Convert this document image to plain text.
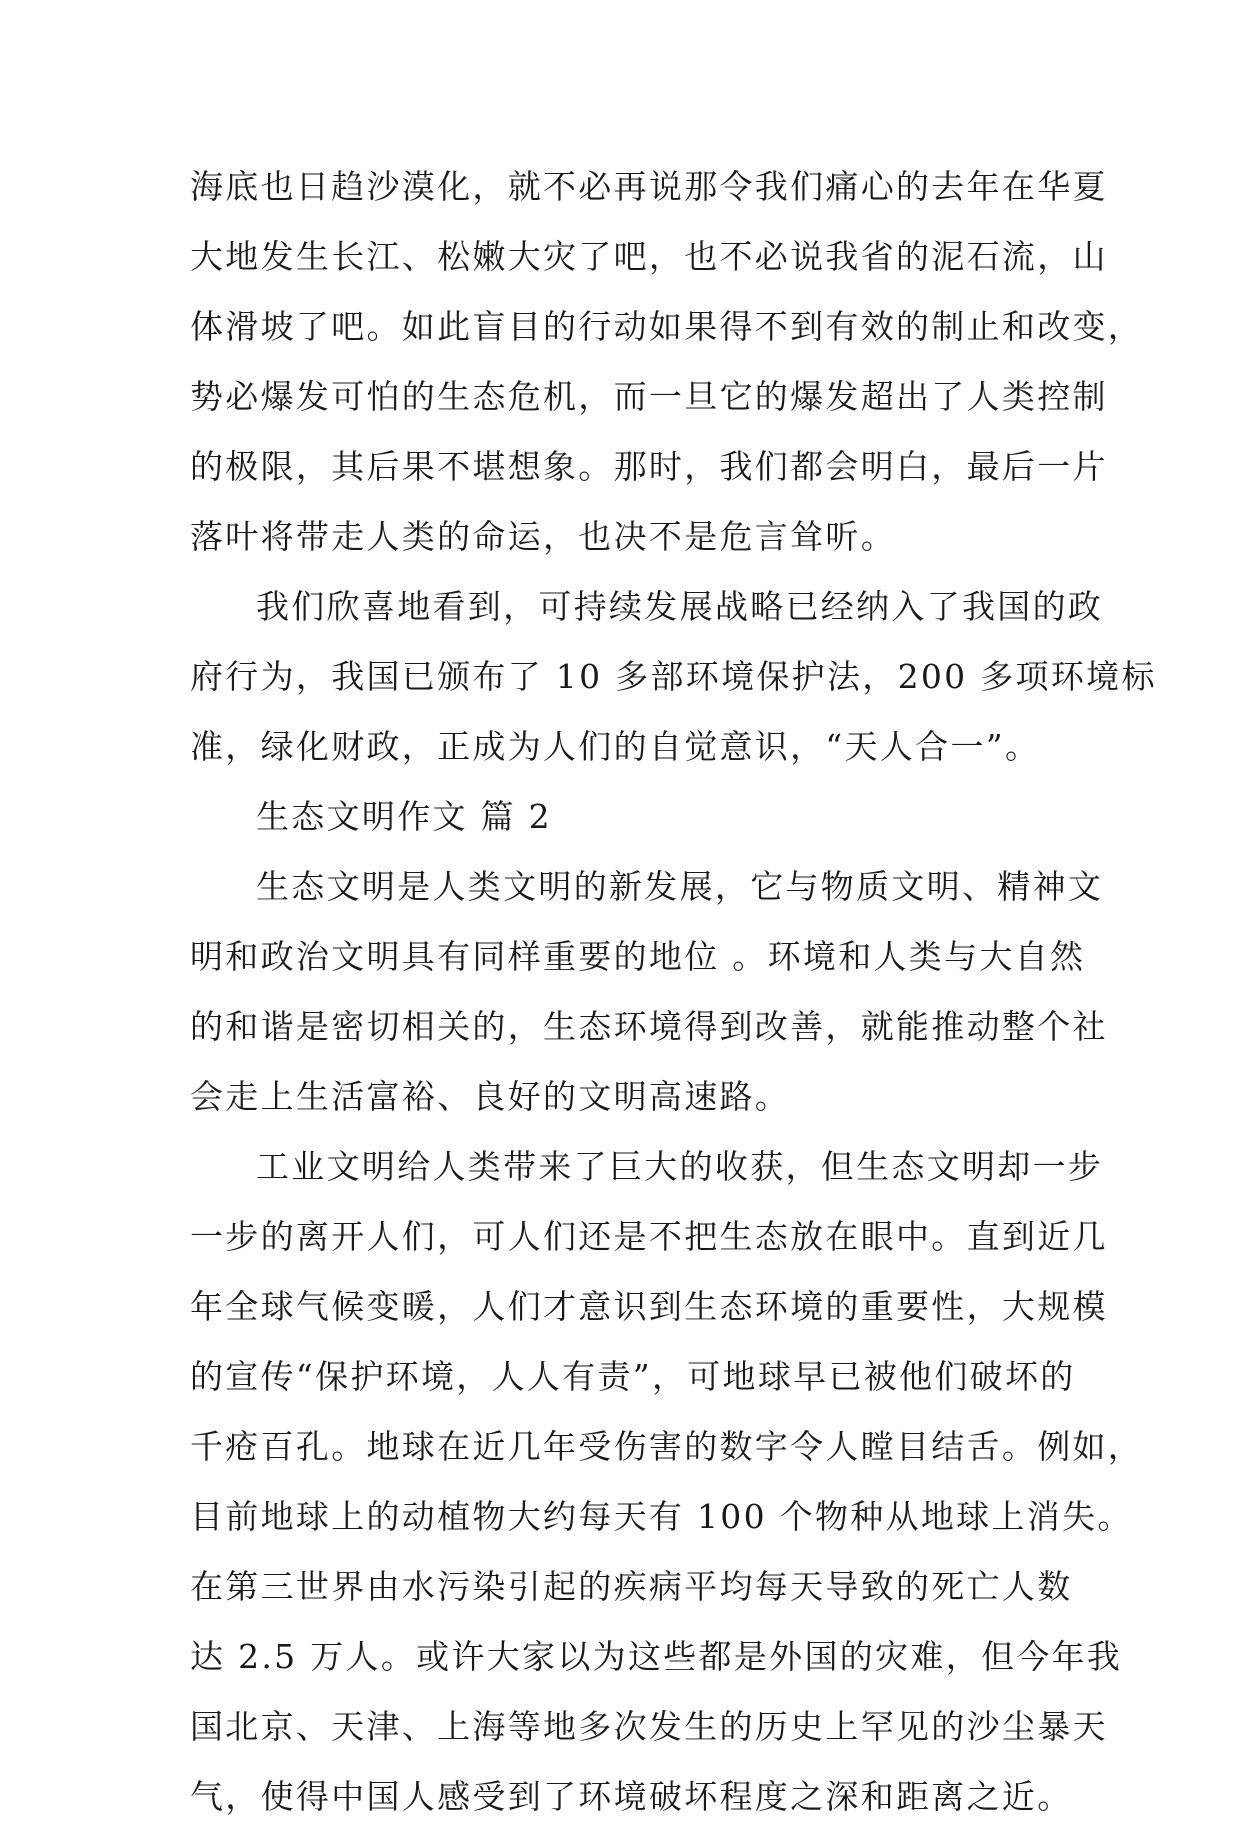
海底也日趋沙漠化，就不必再说那令我们痛心的去年在华夏
大地发生长江、松嫩大灾了吧，也不必说我省的泥石流，山
体滑坡了吧。如此盲目的行动如果得不到有效的制止和改变，
势必爆发可怕的生态危机，而一旦它的爆发超出了人类控制
的极限，其后果不堪想象。那时，我们都会明白，最后一片
落叶将带走人类的命运，也决不是危言耸听。
我们欣喜地看到，可持续发展战略已经纳入了我国的政
府行为，我国已颁布了 10 多部环境保护法，200 多项环境标
准，绿化财政，正成为人们的自觉意识，“天人合一”。
生态文明作文 篇 2
生态文明是人类文明的新发展，它与物质文明、精神文
明和政治文明具有同样重要的地位 。环境和人类与大自然
的和谐是密切相关的，生态环境得到改善，就能推动整个社
会走上生活富裕、良好的文明高速路。
工业文明给人类带来了巨大的收获，但生态文明却一步
一步的离开人们，可人们还是不把生态放在眼中。直到近几
年全球气候变暖，人们才意识到生态环境的重要性，大规模
的宣传“保护环境，人人有责”，可地球早已被他们破坏的
千疮百孔。地球在近几年受伤害的数字令人瞠目结舌。例如，
目前地球上的动植物大约每天有 100 个物种从地球上消失。
在第三世界由水污染引起的疾病平均每天导致的死亡人数
达 2.5 万人。或许大家以为这些都是外国的灾难，但今年我
国北京、天津、上海等地多次发生的历史上罕见的沙尘暴天
气，使得中国人感受到了环境破坏程度之深和距离之近。
